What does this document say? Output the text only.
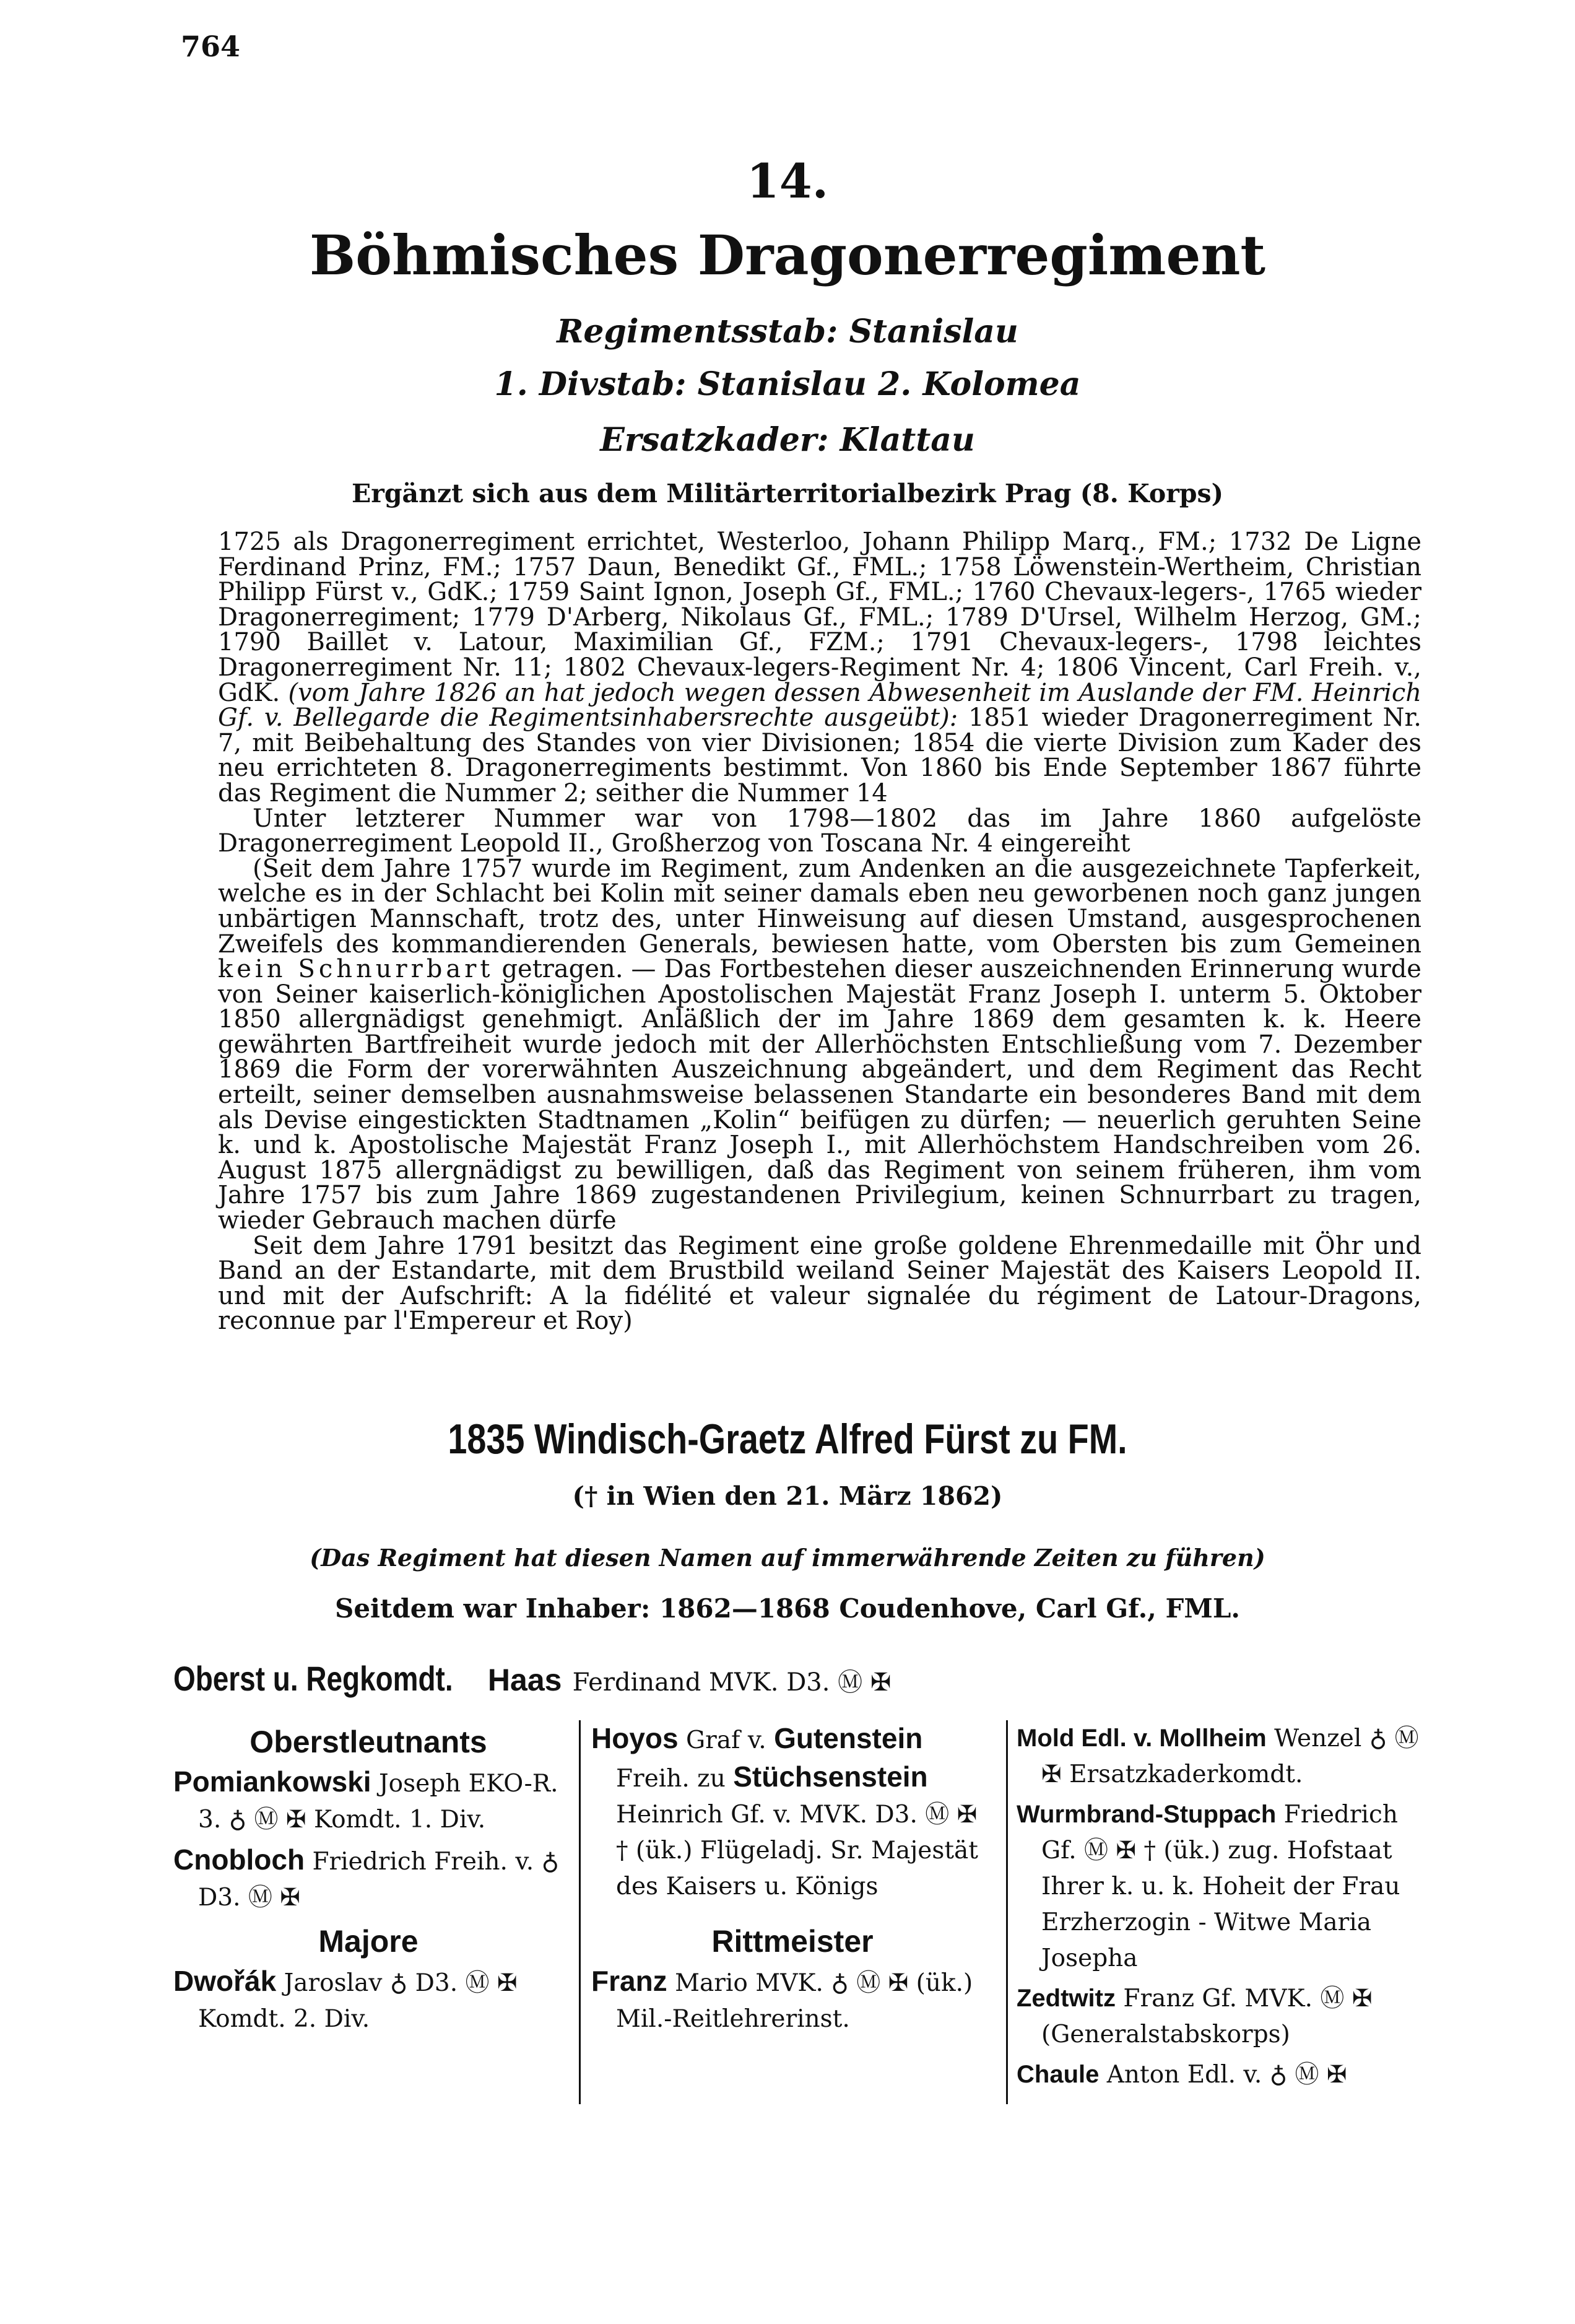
764
14.
Böhmisches Dragonerregiment
Regimentsstab: Stanislau
1. Divstab: Stanislau 2. Kolomea
Ersatzkader: Klattau
Ergänzt sich aus dem Militärterritorialbezirk Prag (8. Korps)

1725 als Dragonerregiment errichtet, Westerloo, Johann Philipp Marq., FM.; 1732 De Ligne Ferdinand Prinz, FM.; 1757 Daun, Benedikt Gf., FML.; 1758 Löwenstein-Wertheim, Christian Philipp Fürst v., GdK.; 1759 Saint Ignon, Joseph Gf., FML.; 1760 Chevaux-legers-, 1765 wieder Dragonerregiment; 1779 D'Arberg, Nikolaus Gf., FML.; 1789 D'Ursel, Wilhelm Herzog, GM.; 1790 Baillet v. Latour, Maximilian Gf., FZM.; 1791 Chevaux-legers-, 1798 leichtes Dragonerregiment Nr. 11; 1802 Chevaux-legers-Regiment Nr. 4; 1806 Vincent, Carl Freih. v., GdK. (vom Jahre 1826 an hat jedoch wegen dessen Abwesenheit im Auslande der FM. Heinrich Gf. v. Bellegarde die Regimentsinhabersrechte ausgeübt): 1851 wieder Dragonerregiment Nr. 7, mit Beibehaltung des Standes von vier Divisionen; 1854 die vierte Division zum Kader des neu errichteten 8. Dragonerregiments bestimmt. Von 1860 bis Ende September 1867 führte das Regiment die Nummer 2; seither die Nummer 14

Unter letzterer Nummer war von 1798—1802 das im Jahre 1860 aufgelöste Dragonerregiment Leopold II., Großherzog von Toscana Nr. 4 eingereiht

(Seit dem Jahre 1757 wurde im Regiment, zum Andenken an die ausgezeichnete Tapferkeit, welche es in der Schlacht bei Kolin mit seiner damals eben neu geworbenen noch ganz jungen unbärtigen Mannschaft, trotz des, unter Hinweisung auf diesen Umstand, ausgesprochenen Zweifels des kommandierenden Generals, bewiesen hatte, vom Obersten bis zum Gemeinen kein Schnurrbart getragen. — Das Fortbestehen dieser auszeichnenden Erinnerung wurde von Seiner kaiserlich-königlichen Apostolischen Majestät Franz Joseph I. unterm 5. Oktober 1850 allergnädigst genehmigt. Anläßlich der im Jahre 1869 dem gesamten k. k. Heere gewährten Bartfreiheit wurde jedoch mit der Allerhöchsten Entschließung vom 7. Dezember 1869 die Form der vorerwähnten Auszeichnung abgeändert, und dem Regiment das Recht erteilt, seiner demselben ausnahmsweise belassenen Standarte ein besonderes Band mit dem als Devise eingestickten Stadtnamen „Kolin“ beifügen zu dürfen; — neuerlich geruhten Seine k. und k. Apostolische Majestät Franz Joseph I., mit Allerhöchstem Handschreiben vom 26. August 1875 allergnädigst zu bewilligen, daß das Regiment von seinem früheren, ihm vom Jahre 1757 bis zum Jahre 1869 zugestandenen Privilegium, keinen Schnurrbart zu tragen, wieder Gebrauch machen dürfe

Seit dem Jahre 1791 besitzt das Regiment eine große goldene Ehrenmedaille mit Öhr und Band an der Estandarte, mit dem Brustbild weiland Seiner Majestät des Kaisers Leopold II. und mit der Aufschrift: A la fidélité et valeur signalée du régiment de Latour-Dragons, reconnue par l'Empereur et Roy)

1835 Windisch-Graetz Alfred Fürst zu FM.
(† in Wien den 21. März 1862)
(Das Regiment hat diesen Namen auf immerwährende Zeiten zu führen)
Seitdem war Inhaber: 1862—1868 Coudenhove, Carl Gf., FML.
Oberst u. Regkomdt. Haas Ferdinand MVK. D3. Ⓜ ✠
Oberstleutnants
Pomiankowski Joseph EKO-R. 3. ♁ Ⓜ ✠ Komdt. 1. Div.
Cnobloch Friedrich Freih. v. ♁ D3. Ⓜ ✠
Majore
Dwořák Jaroslav ♁ D3. Ⓜ ✠ Komdt. 2. Div.
Hoyos Graf v. Gutenstein Freih. zu Stüchsenstein Heinrich Gf. v. MVK. D3. Ⓜ ✠ † (ük.) Flügeladj. Sr. Majestät des Kaisers u. Königs
Rittmeister
Franz Mario MVK. ♁ Ⓜ ✠ (ük.) Mil.-Reitlehrerinst.
Mold Edl. v. Mollheim Wenzel ♁ Ⓜ ✠ Ersatzkaderkomdt.
Wurmbrand-Stuppach Friedrich Gf. Ⓜ ✠ † (ük.) zug. Hofstaat Ihrer k. u. k. Hoheit der Frau Erzherzogin - Witwe Maria Josepha
Zedtwitz Franz Gf. MVK. Ⓜ ✠ (Generalstabskorps)
Chaule Anton Edl. v. ♁ Ⓜ ✠
